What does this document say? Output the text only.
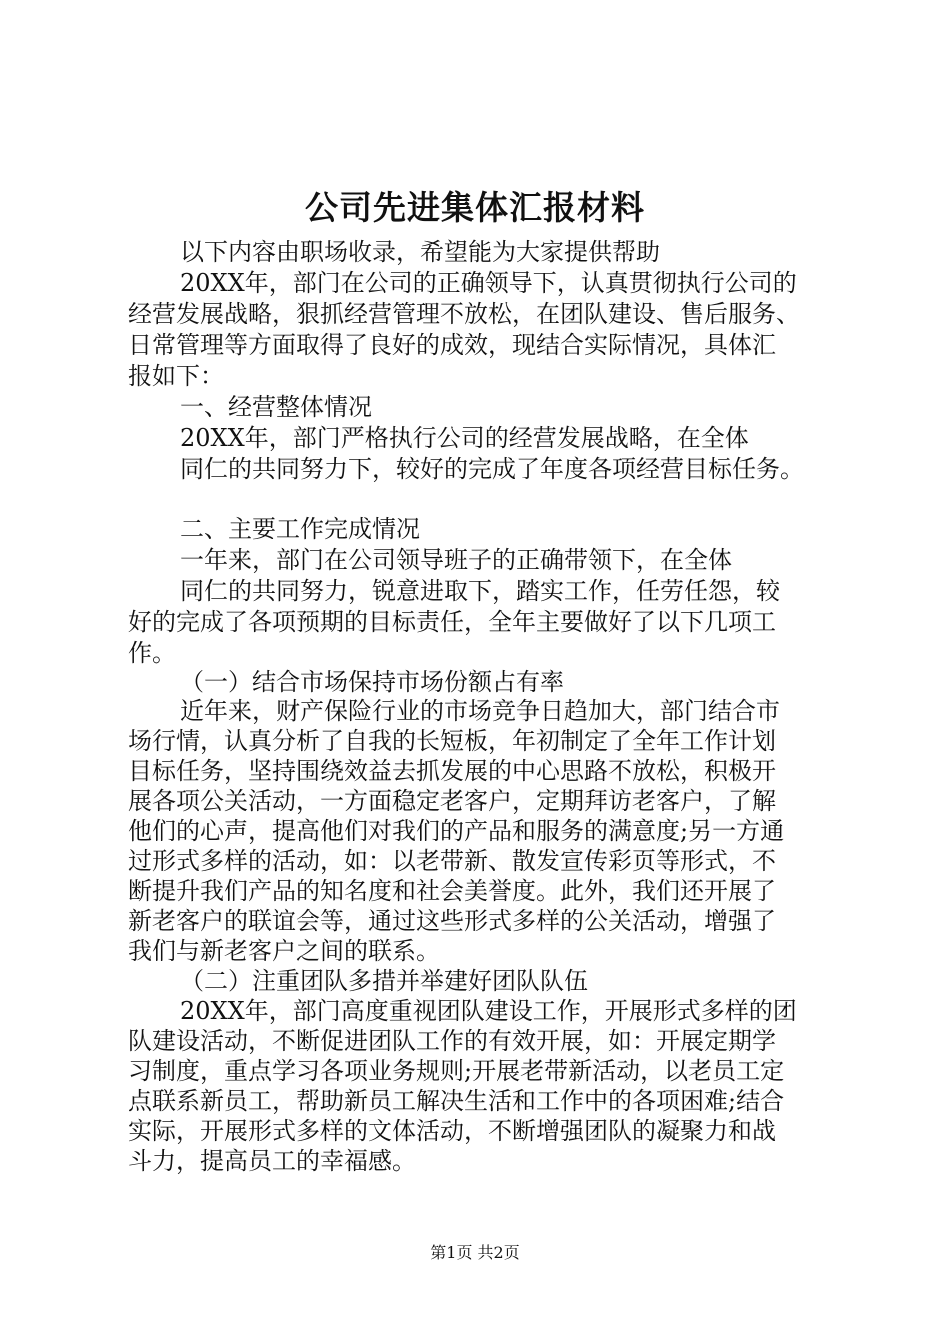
公司先进集体汇报材料
以下内容由职场收录，希望能为大家提供帮助
20XX年，部门在公司的正确领导下，认真贯彻执行公司的
经营发展战略，狠抓经营管理不放松，在团队建设、售后服务、
日常管理等方面取得了良好的成效，现结合实际情况，具体汇
报如下：
一、经营整体情况
20XX年，部门严格执行公司的经营发展战略，在全体
同仁的共同努力下，较好的完成了年度各项经营目标任务。
二、主要工作完成情况
一年来，部门在公司领导班子的正确带领下，在全体
同仁的共同努力，锐意进取下，踏实工作，任劳任怨，较
好的完成了各项预期的目标责任，全年主要做好了以下几项工
作。
（一）结合市场保持市场份额占有率
近年来，财产保险行业的市场竞争日趋加大，部门结合市
场行情，认真分析了自我的长短板，年初制定了全年工作计划
目标任务，坚持围绕效益去抓发展的中心思路不放松，积极开
展各项公关活动，一方面稳定老客户，定期拜访老客户，了解
他们的心声，提高他们对我们的产品和服务的满意度;另一方通
过形式多样的活动，如：以老带新、散发宣传彩页等形式，不
断提升我们产品的知名度和社会美誉度。此外，我们还开展了
新老客户的联谊会等，通过这些形式多样的公关活动，增强了
我们与新老客户之间的联系。
（二）注重团队多措并举建好团队队伍
20XX年，部门高度重视团队建设工作，开展形式多样的团
队建设活动，不断促进团队工作的有效开展，如：开展定期学
习制度，重点学习各项业务规则;开展老带新活动，以老员工定
点联系新员工，帮助新员工解决生活和工作中的各项困难;结合
实际，开展形式多样的文体活动，不断增强团队的凝聚力和战
斗力，提高员工的幸福感。
第1页 共2页
